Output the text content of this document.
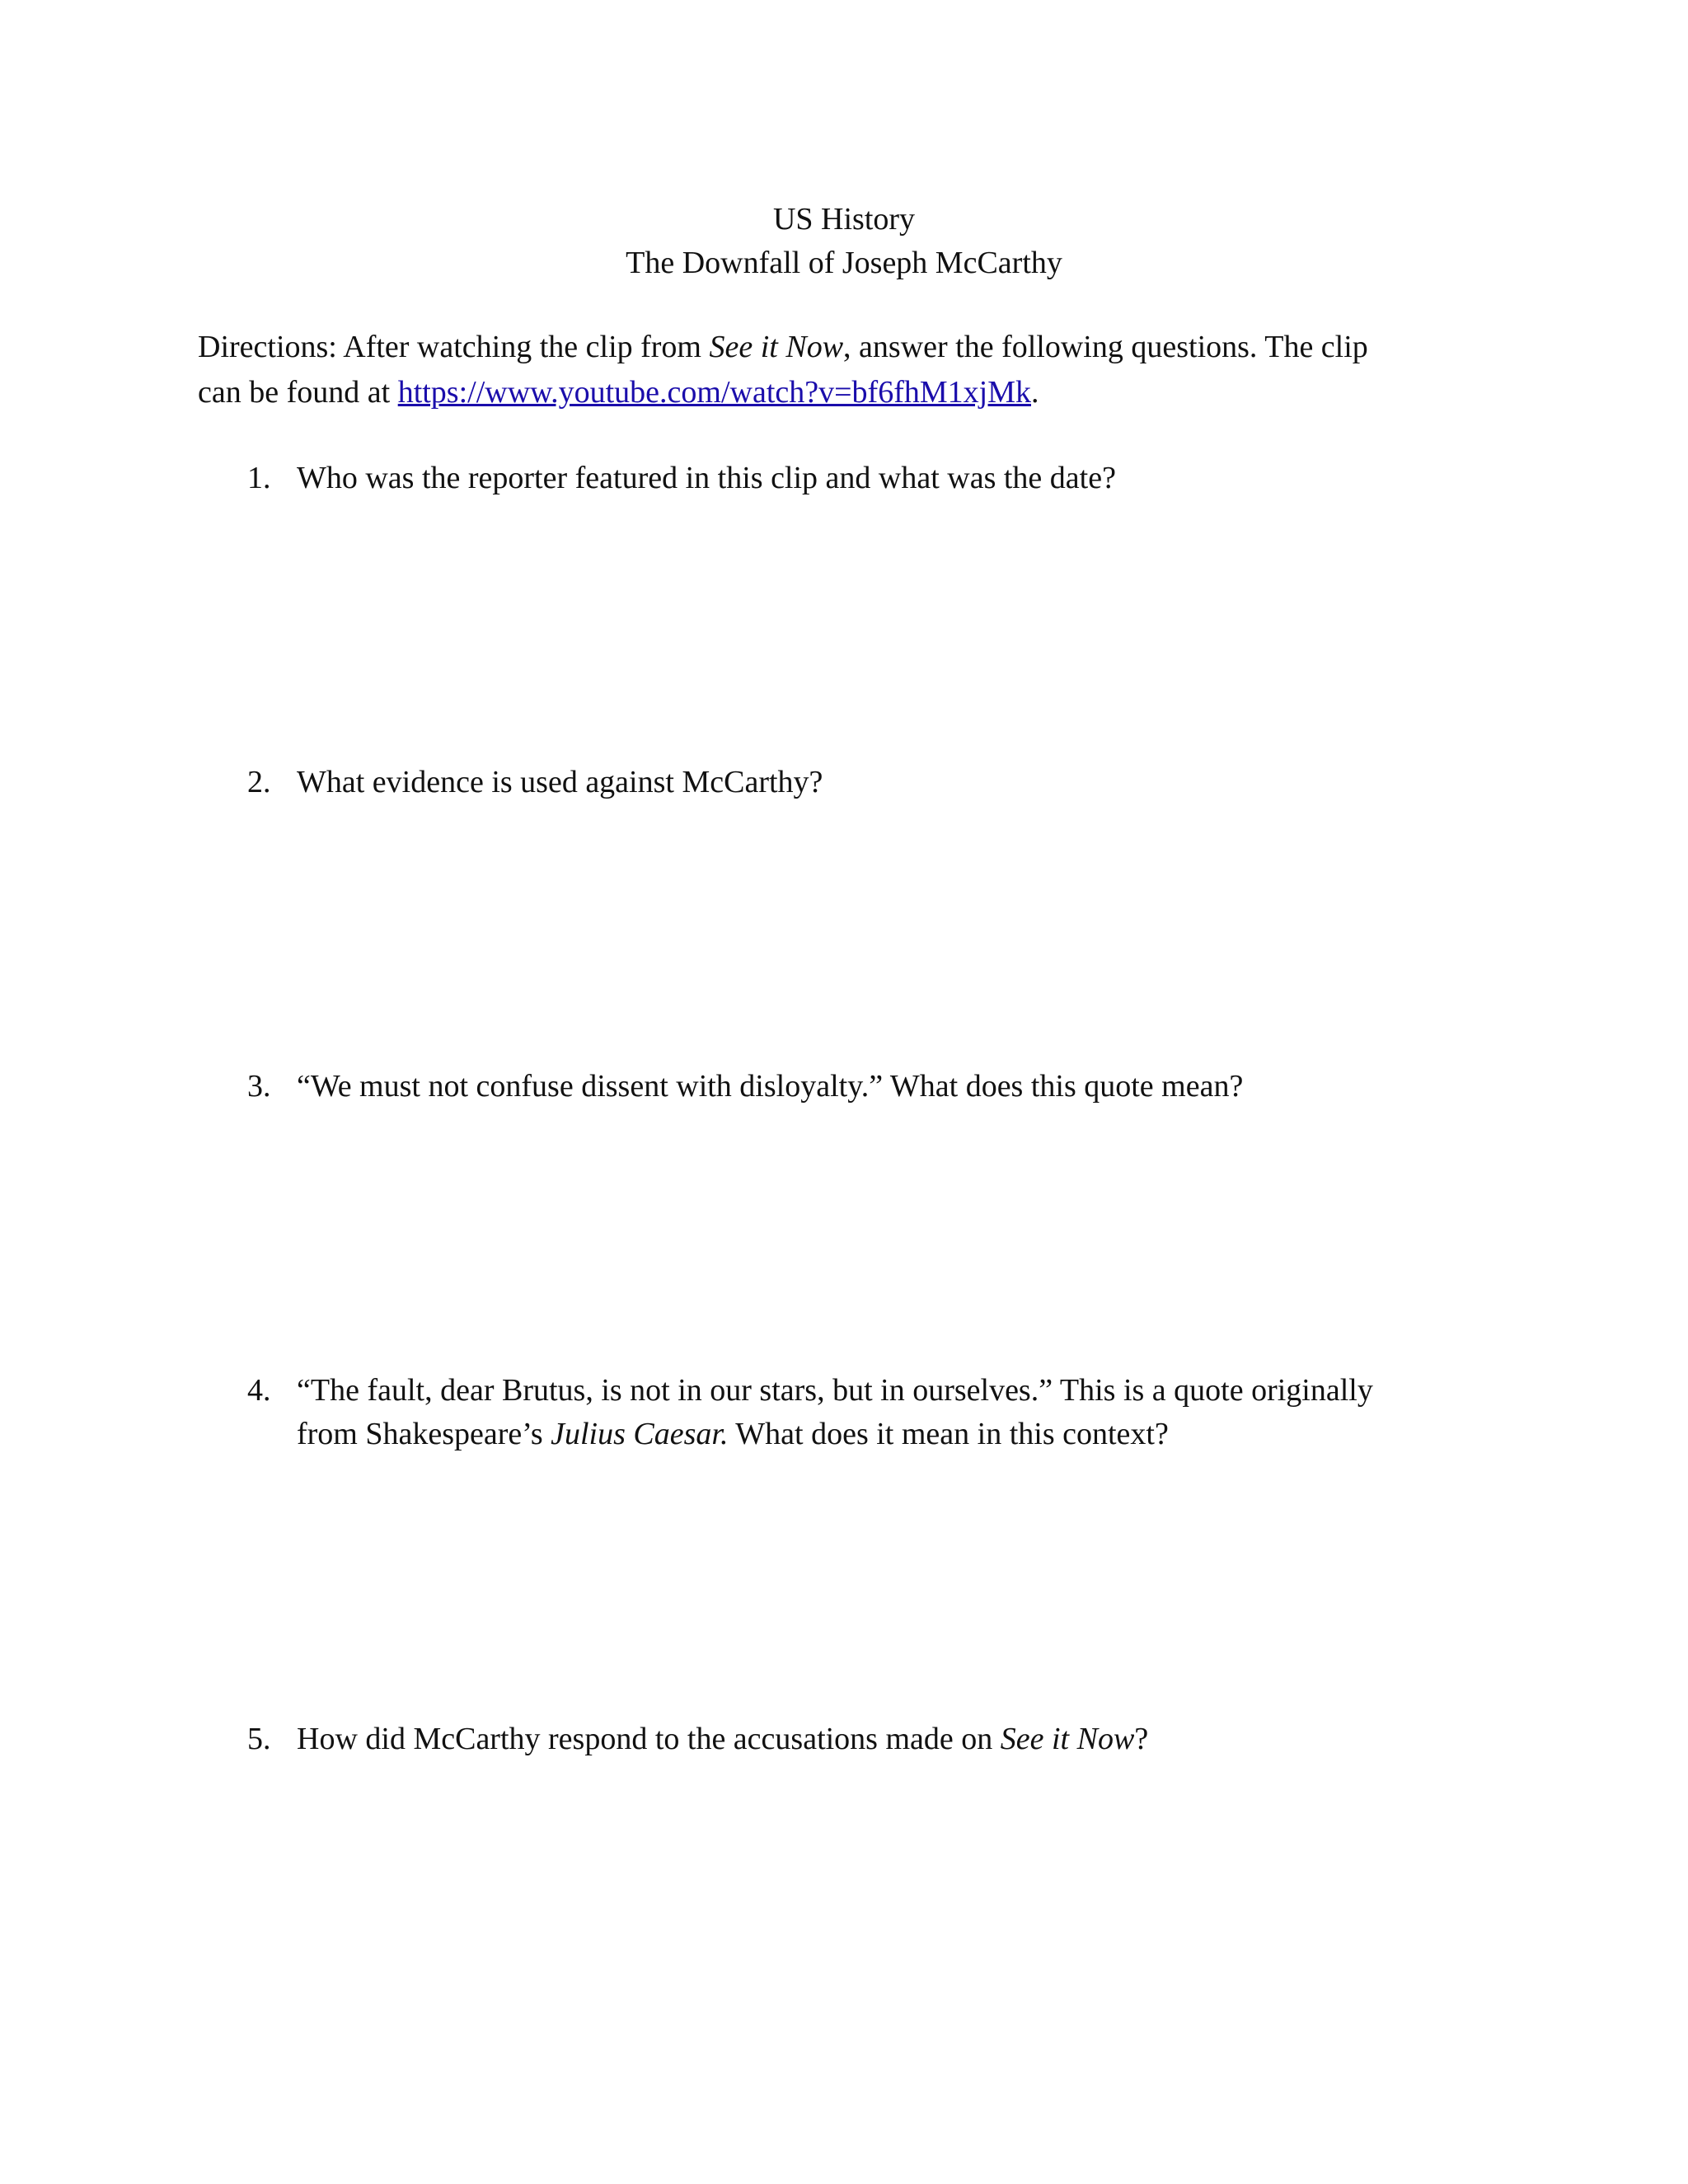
US History
The Downfall of Joseph McCarthy
Directions: After watching the clip from See it Now, answer the following questions. The clip
can be found at https://www.youtube.com/watch?v=bf6fhM1xjMk.
1. Who was the reporter featured in this clip and what was the date?
2. What evidence is used against McCarthy?
3. “We must not confuse dissent with disloyalty.” What does this quote mean?
4. “The fault, dear Brutus, is not in our stars, but in ourselves.” This is a quote originally
from Shakespeare’s Julius Caesar. What does it mean in this context?
5. How did McCarthy respond to the accusations made on See it Now?
